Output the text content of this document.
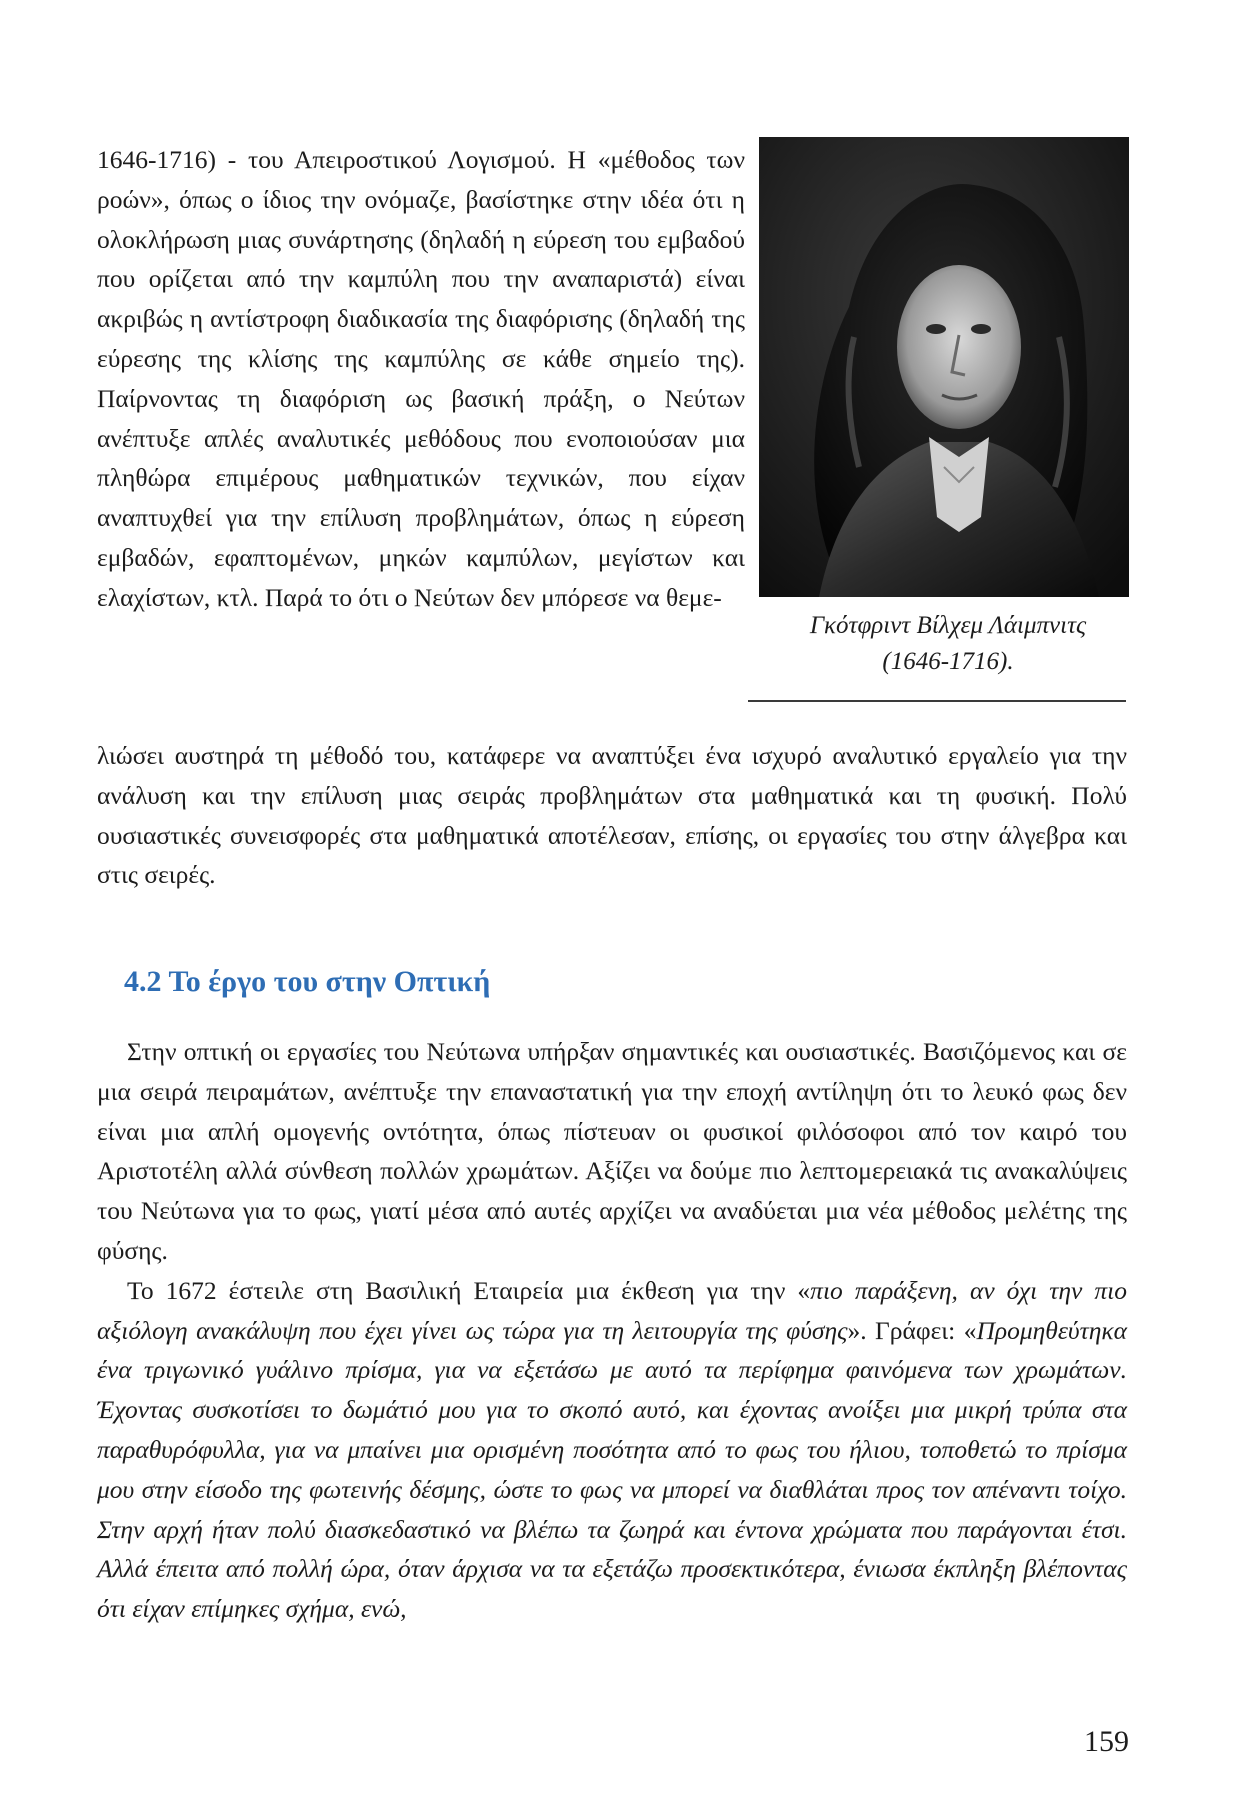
1646-1716) - του Απειροστικού Λογισμού. Η «μέθοδος των ροών», όπως ο ίδιος την ονόμαζε, βασίστηκε στην ιδέα ότι η ολοκλήρωση μιας συνάρτησης (δηλαδή η εύρεση του εμβαδού που ορίζεται από την καμπύλη που την αναπαριστά) είναι ακριβώς η αντίστροφη διαδικασία της διαφόρισης (δηλαδή της εύρεσης της κλίσης της καμπύλης σε κάθε σημείο της). Παίρνοντας τη διαφόριση ως βασική πράξη, ο Νεύτων ανέπτυξε απλές αναλυτικές μεθόδους που ενοποιούσαν μια πληθώρα επιμέρους μαθηματικών τεχνικών, που είχαν αναπτυχθεί για την επίλυση προβλημάτων, όπως η εύρεση εμβαδών, εφαπτομένων, μηκών καμπύλων, μεγίστων και ελαχίστων, κτλ. Παρά το ότι ο Νεύτων δεν μπόρεσε να θεμε-

Γκότφριντ Βίλχεμ Λάιμπνιτς
(1646-1716).

λιώσει αυστηρά τη μέθοδό του, κατάφερε να αναπτύξει ένα ισχυρό αναλυτικό εργαλείο για την ανάλυση και την επίλυση μιας σειράς προβλημάτων στα μαθηματικά και τη φυσική. Πολύ ουσιαστικές συνεισφορές στα μαθηματικά αποτέλεσαν, επίσης, οι εργασίες του στην άλγεβρα και στις σειρές.

4.2 Το έργο του στην Οπτική

Στην οπτική οι εργασίες του Νεύτωνα υπήρξαν σημαντικές και ουσιαστικές. Βασιζόμενος και σε μια σειρά πειραμάτων, ανέπτυξε την επαναστατική για την εποχή αντίληψη ότι το λευκό φως δεν είναι μια απλή ομογενής οντότητα, όπως πίστευαν οι φυσικοί φιλόσοφοι από τον καιρό του Αριστοτέλη αλλά σύνθεση πολλών χρωμάτων. Αξίζει να δούμε πιο λεπτομερειακά τις ανακαλύψεις του Νεύτωνα για το φως, γιατί μέσα από αυτές αρχίζει να αναδύεται μια νέα μέθοδος μελέτης της φύσης.

Το 1672 έστειλε στη Βασιλική Εταιρεία μια έκθεση για την «πιο παράξενη, αν όχι την πιο αξιόλογη ανακάλυψη που έχει γίνει ως τώρα για τη λειτουργία της φύσης». Γράφει: «Προμηθεύτηκα ένα τριγωνικό γυάλινο πρίσμα, για να εξετάσω με αυτό τα περίφημα φαινόμενα των χρωμάτων. Έχοντας συσκοτίσει το δωμάτιό μου για το σκοπό αυτό, και έχοντας ανοίξει μια μικρή τρύπα στα παραθυρόφυλλα, για να μπαίνει μια ορισμένη ποσότητα από το φως του ήλιου, τοποθετώ το πρίσμα μου στην είσοδο της φωτεινής δέσμης, ώστε το φως να μπορεί να διαθλάται προς τον απέναντι τοίχο. Στην αρχή ήταν πολύ διασκεδαστικό να βλέπω τα ζωηρά και έντονα χρώματα που παράγονται έτσι. Αλλά έπειτα από πολλή ώρα, όταν άρχισα να τα εξετάζω προσεκτικότερα, ένιωσα έκπληξη βλέποντας ότι είχαν επίμηκες σχήμα, ενώ,

159
